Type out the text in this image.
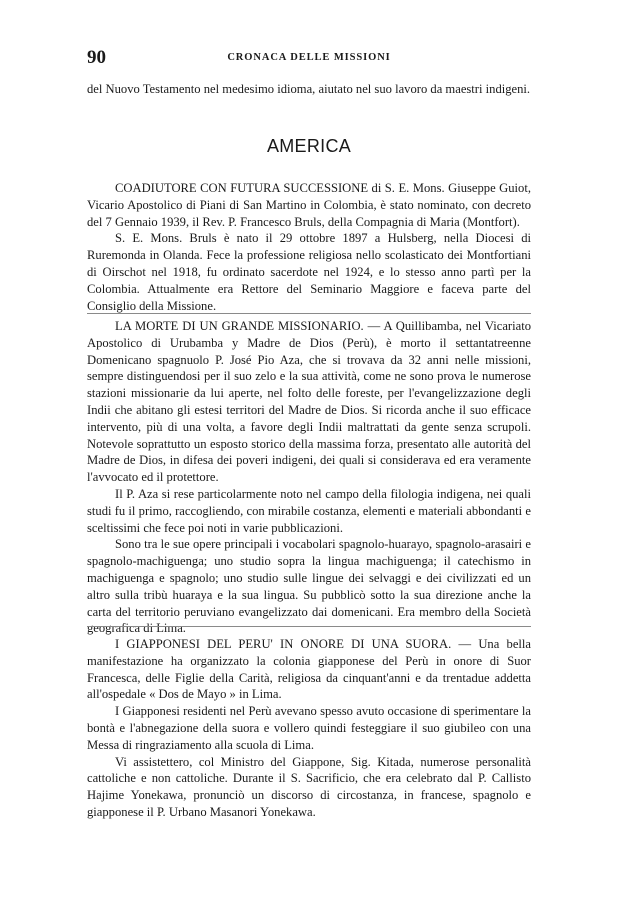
90	CRONACA DELLE MISSIONI

del Nuovo Testamento nel medesimo idioma, aiutato nel suo lavoro da maestri indigeni.

AMERICA

COADIUTORE CON FUTURA SUCCESSIONE di S. E. Mons. Giuseppe Guiot, Vicario Apostolico di Piani di San Martino in Colombia, è stato nominato, con decreto del 7 Gennaio 1939, il Rev. P. Francesco Bruls, della Compagnia di Maria (Montfort).

S. E. Mons. Bruls è nato il 29 ottobre 1897 a Hulsberg, nella Diocesi di Ruremonda in Olanda. Fece la professione religiosa nello scolasticato dei Montfortiani di Oirschot nel 1918, fu ordinato sacerdote nel 1924, e lo stesso anno partì per la Colombia. Attualmente era Rettore del Seminario Maggiore e faceva parte del Consiglio della Missione.

LA MORTE DI UN GRANDE MISSIONARIO. — A Quillibamba, nel Vicariato Apostolico di Urubamba y Madre de Dios (Perù), è morto il settantatreenne Domenicano spagnuolo P. José Pio Aza, che si trovava da 32 anni nelle missioni, sempre distinguendosi per il suo zelo e la sua attività, come ne sono prova le numerose stazioni missionarie da lui aperte, nel folto delle foreste, per l'evangelizzazione degli Indii che abitano gli estesi territori del Madre de Dios. Si ricorda anche il suo efficace intervento, più di una volta, a favore degli Indii maltrattati da gente senza scrupoli. Notevole soprattutto un esposto storico della massima forza, presentato alle autorità del Madre de Dios, in difesa dei poveri indigeni, dei quali si considerava ed era veramente l'avvocato ed il protettore.

Il P. Aza si rese particolarmente noto nel campo della filologia indigena, nei quali studi fu il primo, raccogliendo, con mirabile costanza, elementi e materiali abbondanti e sceltissimi che fece poi noti in varie pubblicazioni.

Sono tra le sue opere principali i vocabolari spagnolo-huarayo, spagnolo-arasairi e spagnolo-machiguenga; uno studio sopra la lingua machiguenga; il catechismo in machiguenga e spagnolo; uno studio sulle lingue dei selvaggi e dei civilizzati ed un altro sulla tribù huaraya e la sua lingua. Su pubblicò sotto la sua direzione anche la carta del territorio peruviano evangelizzato dai domenicani. Era membro della Società geografica di Lima.

I GIAPPONESI DEL PERU' IN ONORE DI UNA SUORA. — Una bella manifestazione ha organizzato la colonia giapponese del Perù in onore di Suor Francesca, delle Figlie della Carità, religiosa da cinquant'anni e da trentadue addetta all'ospedale « Dos de Mayo » in Lima.

I Giapponesi residenti nel Perù avevano spesso avuto occasione di sperimentare la bontà e l'abnegazione della suora e vollero quindi festeggiare il suo giubileo con una Messa di ringraziamento alla scuola di Lima.

Vi assistettero, col Ministro del Giappone, Sig. Kitada, numerose personalità cattoliche e non cattoliche. Durante il S. Sacrificio, che era celebrato dal P. Callisto Hajime Yonekawa, pronunciò un discorso di circostanza, in francese, spagnolo e giapponese il P. Urbano Masanori Yonekawa.
